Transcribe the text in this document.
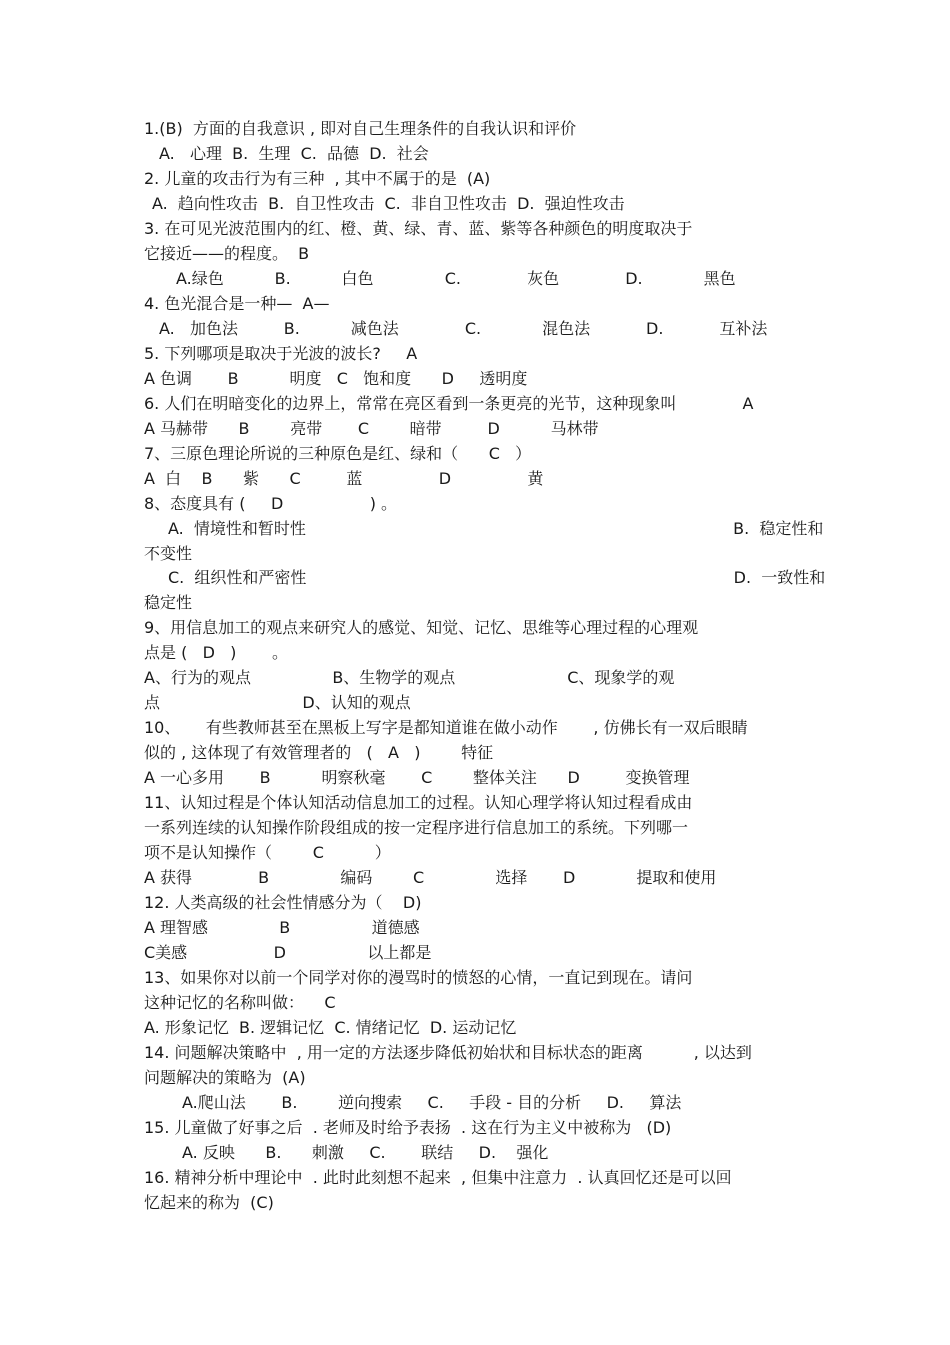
1.(B)  方面的自我意识 , 即对自己生理条件的自我认识和评价
A.   心理  B.  生理  C.  品德  D.  社会
2. 儿童的攻击行为有三种  , 其中不属于的是  (A)
A.  趋向性攻击  B.  自卫性攻击  C.  非自卫性攻击  D.  强迫性攻击
3. 在可见光波范围内的红、橙、黄、绿、青、蓝、紫等各种颜色的明度取决于
它接近——的程度。  B
A.绿色          B.          白色              C.             灰色             D.            黑色
4. 色光混合是一种—  A—
A.   加色法         B.          减色法             C.            混色法           D.           互补法
5. 下列哪项是取决于光波的波长?     A
A 色调       B          明度   C   饱和度      D     透明度
6. 人们在明暗变化的边界上，常常在亮区看到一条更亮的光节，这种现象叫             A
A 马赫带      B        亮带       C        暗带         D          马林带
7、三原色理论所说的三种原色是红、绿和（      C   ）
A  白    B      紫      C         蓝               D               黄
8、态度具有 (     D                 ) 。
A.  情境性和暂时性                                                                                    B.  稳定性和
不变性
C.  组织性和严密性                                                                                    D.  一致性和
稳定性
9、用信息加工的观点来研究人的感觉、知觉、记忆、思维等心理过程的心理观
点是 (   D   )       。
A、行为的观点                B、生物学的观点                      C、现象学的观
点                            D、认知的观点
10、     有些教师甚至在黑板上写字是都知道谁在做小动作       , 仿佛长有一双后眼睛
似的 , 这体现了有效管理者的   (   A   )        特征
A 一心多用       B          明察秋毫       C        整体关注      D         变换管理
11、认知过程是个体认知活动信息加工的过程。认知心理学将认知过程看成由
一系列连续的认知操作阶段组成的按一定程序进行信息加工的系统。下列哪一
项不是认知操作（        C          ）
A 获得             B              编码        C              选择       D            提取和使用
12. 人类高级的社会性情感分为（    D)
A 理智感              B                道德感
C美感                 D                以上都是
13、如果你对以前一个同学对你的漫骂时的愤怒的心情，一直记到现在。请问
这种记忆的名称叫做：    C
A. 形象记忆  B. 逻辑记忆  C. 情绪记忆  D. 运动记忆
14. 问题解决策略中  , 用一定的方法逐步降低初始状和目标状态的距离          , 以达到
问题解决的策略为  (A)
A.爬山法       B.        逆向搜索     C.     手段 - 目的分析     D.     算法
15. 儿童做了好事之后  . 老师及时给予表扬  . 这在行为主义中被称为   (D)
A. 反映      B.      刺激     C.       联结     D.    强化
16. 精神分析中理论中  . 此时此刻想不起来  , 但集中注意力  . 认真回忆还是可以回
忆起来的称为  (C)
